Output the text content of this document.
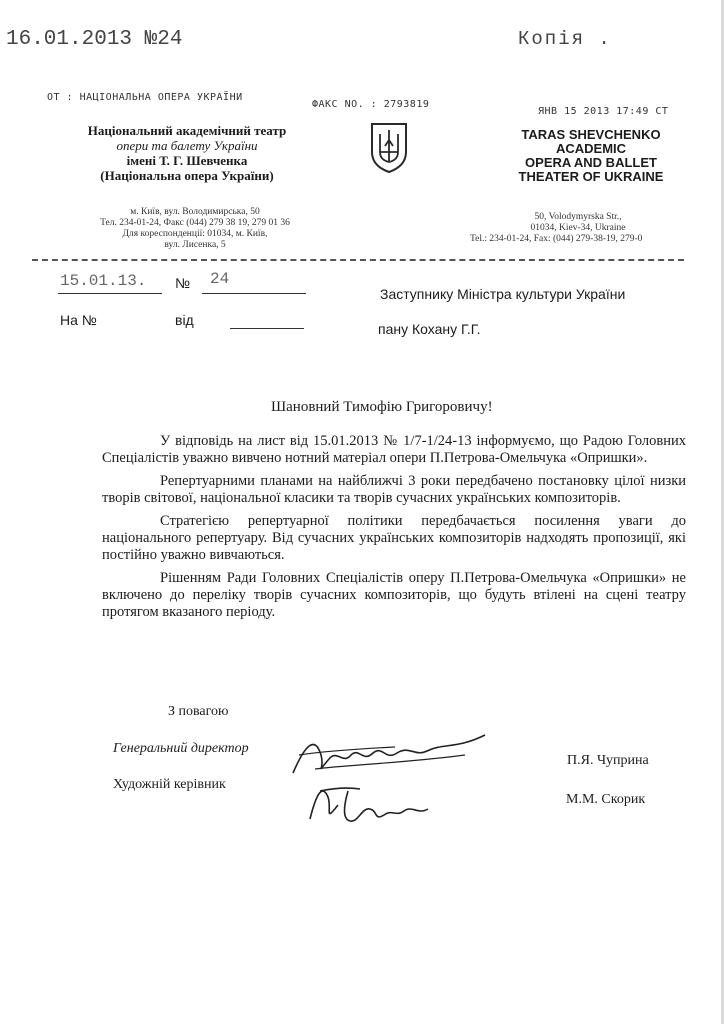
16.01.2013 №24	Копія .
ОТ : НАЦІОНАЛЬНА ОПЕРА УКРАЇНИ
ФАКС NO. : 2793819
ЯНВ 15 2013 17:49 СТ
Національний академічний театр
опери та балету України
імені Т. Г. Шевченка
(Національна опера України)
м. Київ, вул. Володимирська, 50
Тел. 234-01-24, Факс (044) 279 38 19, 279 01 36
Для кореспонденції: 01034, м. Київ,
вул. Лисенка, 5
TARAS SHEVCHENKO
ACADEMIC
OPERA AND BALLET
THEATER OF UKRAINE
50, Volodymyrska Str.,
01034, Kiev-34, Ukraine
Tel.: 234-01-24, Fax: (044) 279-38-19, 279-0
15.01.13. № 24
На №	від
Заступнику Міністра культури України
пану Кохану Г.Г.
Шановний Тимофію Григоровичу!

У відповідь на лист від 15.01.2013 № 1/7-1/24-13 інформуємо, що Радою Головних Спеціалістів уважно вивчено нотний матеріал опери П.Петрова-Омельчука «Опришки».

Репертуарними планами на найближчі 3 роки передбачено постановку цілої низки творів світової, національної класики та творів сучасних українських композиторів.

Стратегією репертуарної політики передбачається посилення уваги до національного репертуару. Від сучасних українських композиторів надходять пропозиції, які постійно уважно вивчаються.

Рішенням Ради Головних Спеціалістів оперу П.Петрова-Омельчука «Опришки» не включено до переліку творів сучасних композиторів, що будуть втілені на сцені театру протягом вказаного періоду.

З повагою
Генеральний директор
Художній керівник
П.Я. Чуприна
М.М. Скорик
